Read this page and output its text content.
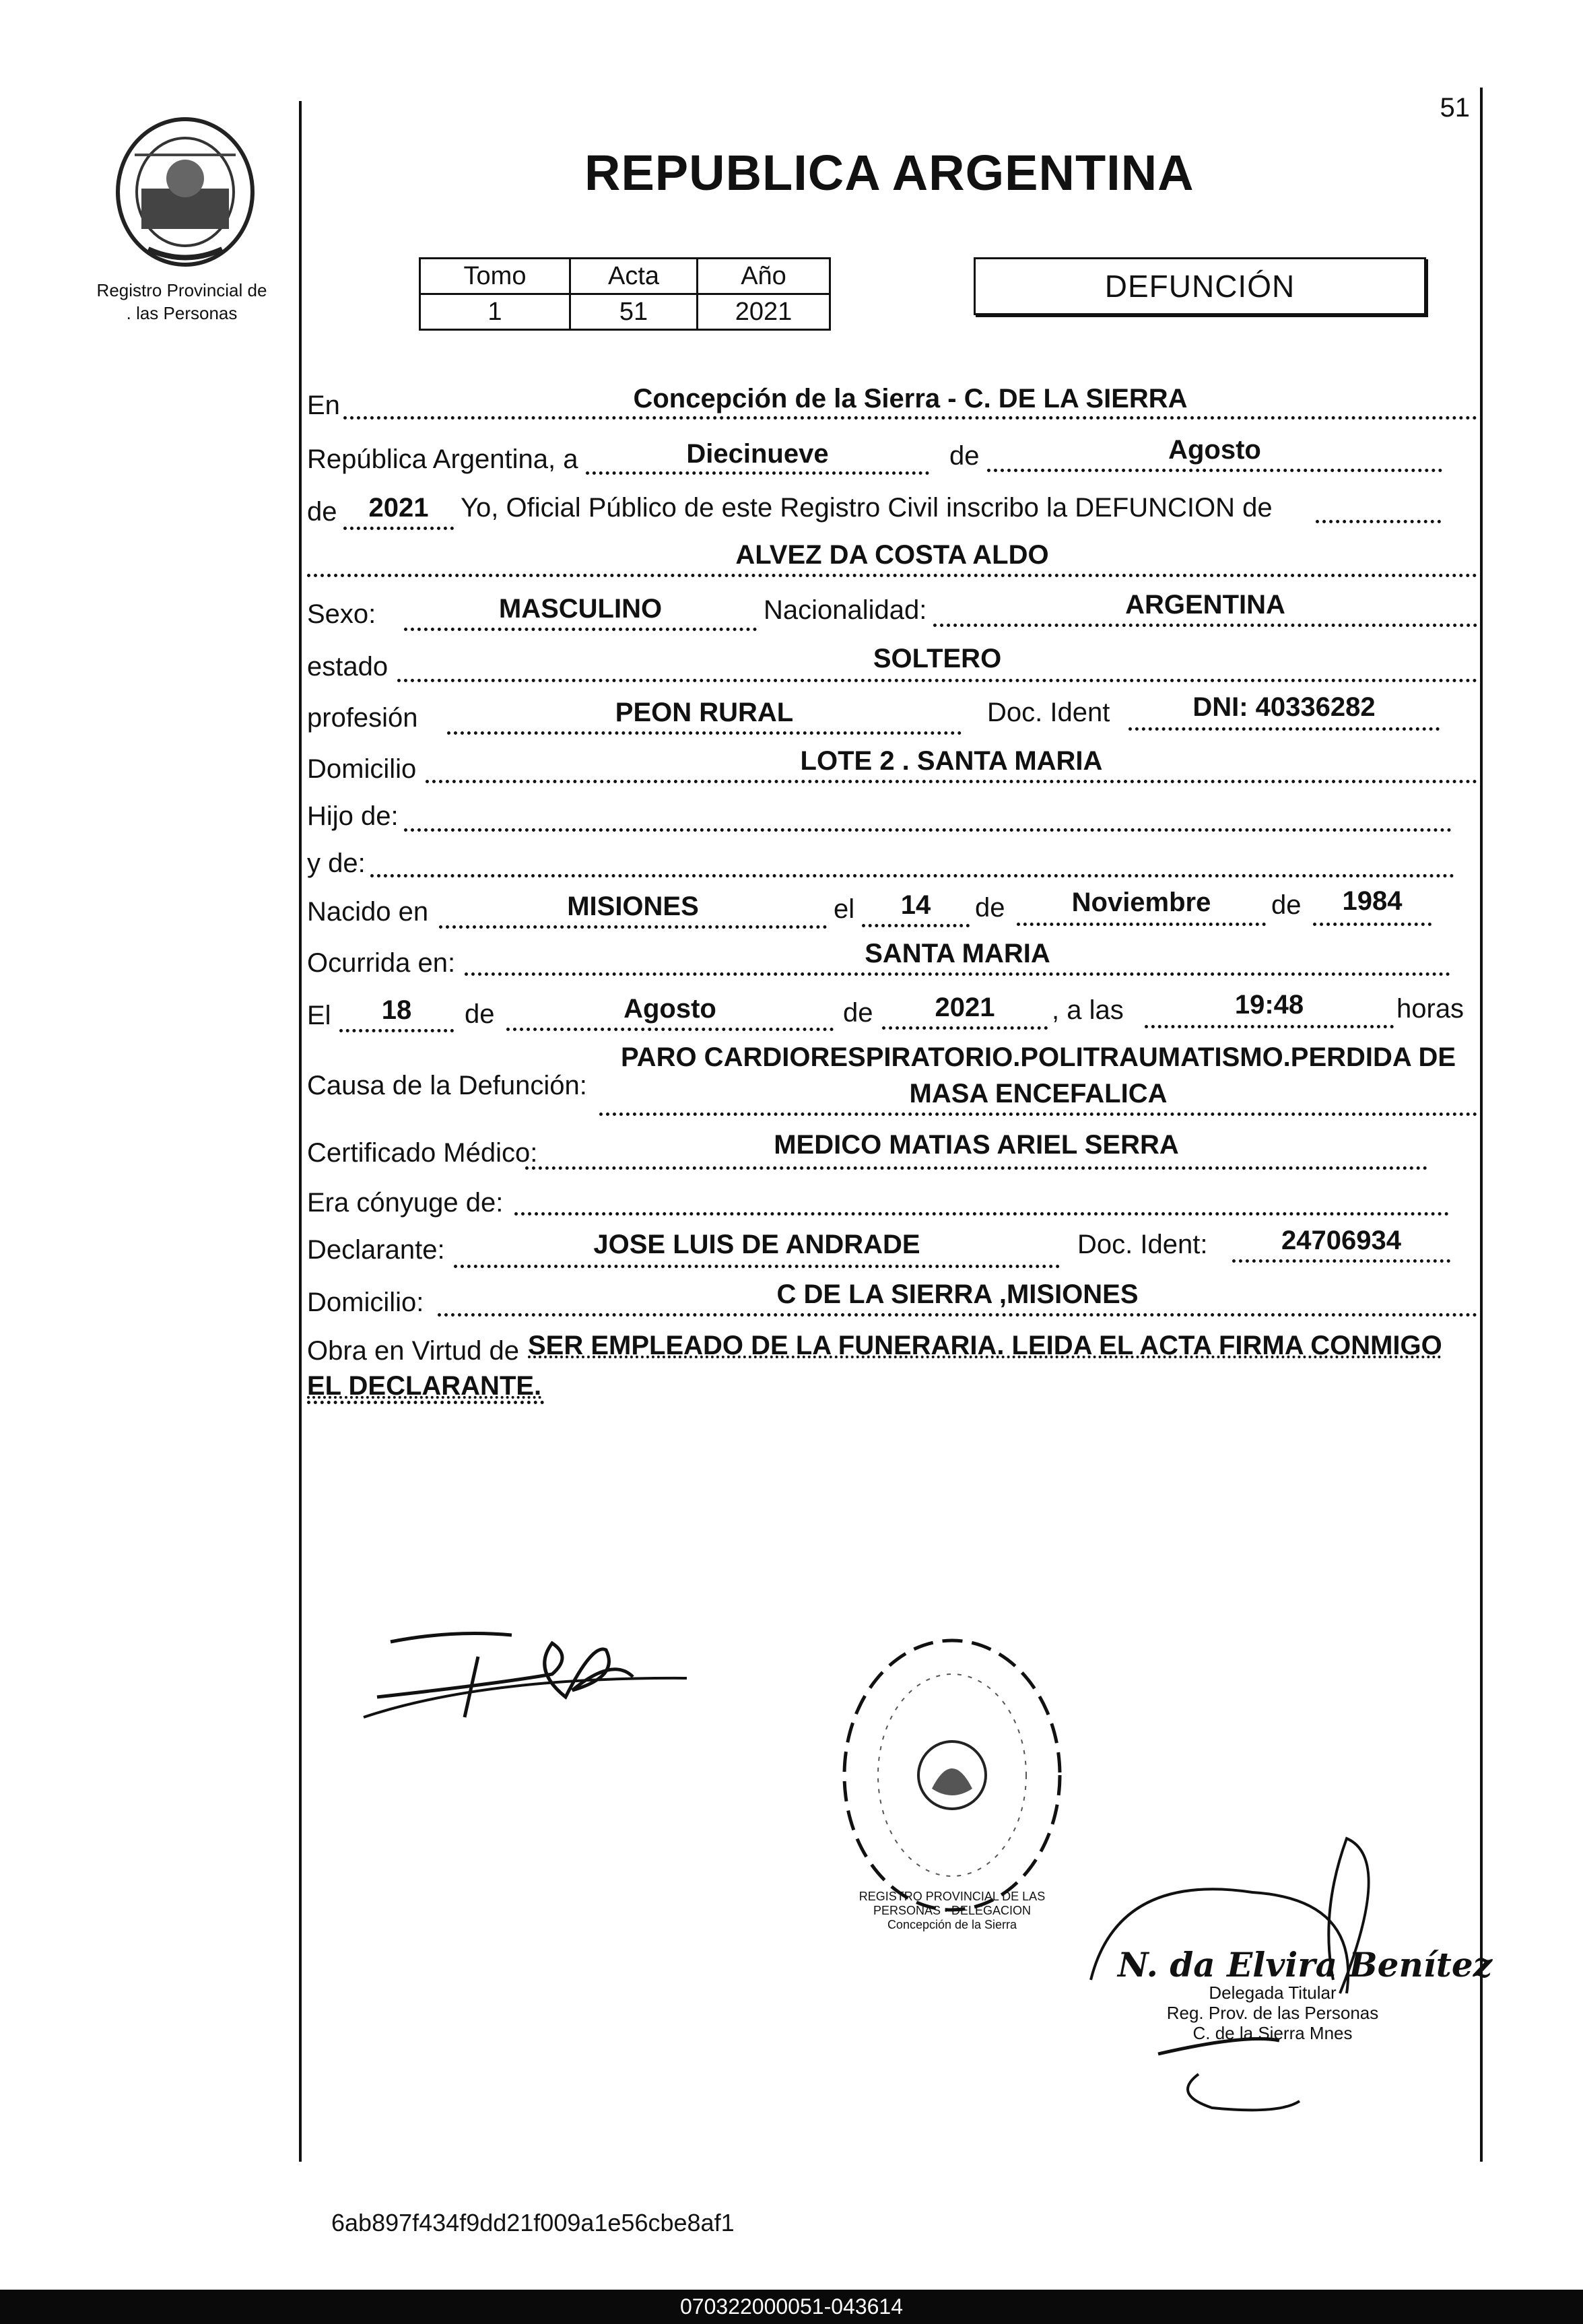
51
Registro Provincial de
. las Personas
REPUBLICA ARGENTINA
Tomo	Acta	Año
1	51	2021
DEFUNCIÓN
En	Concepción de la Sierra - C. DE LA SIERRA
República Argentina, a	Diecinueve	de	Agosto
de	2021	Yo, Oficial Público de este Registro Civil inscribo la DEFUNCION de
ALVEZ DA COSTA ALDO
Sexo:	MASCULINO	Nacionalidad:	ARGENTINA
estado	SOLTERO
profesión	PEON RURAL	Doc. Ident	DNI: 40336282
Domicilio	LOTE 2 . SANTA MARIA
Hijo de:
y de:
Nacido en	MISIONES	el	14	de	Noviembre	de	1984
Ocurrida en:	SANTA MARIA
El	18	de	Agosto	de	2021	, a las	19:48	horas
Causa de la Defunción:
PARO CARDIORESPIRATORIO.POLITRAUMATISMO.PERDIDA DE
MASA ENCEFALICA
Certificado Médico:	MEDICO MATIAS ARIEL SERRA
Era cónyuge de:
Declarante:	JOSE LUIS DE ANDRADE	Doc. Ident:	24706934
Domicilio:	C DE LA SIERRA ,MISIONES
Obra en Virtud de SER EMPLEADO DE LA FUNERARIA. LEIDA EL ACTA FIRMA CONMIGO
EL DECLARANTE.
REGISTRO PROVINCIAL DE LAS PERSONAS · DELEGACION Concepción de la Sierra
N. da Elvira Benítez
Delegada Titular
Reg. Prov. de las Personas
C. de la Sierra Mnes
6ab897f434f9dd21f009a1e56cbe8af1
070322000051-043614
